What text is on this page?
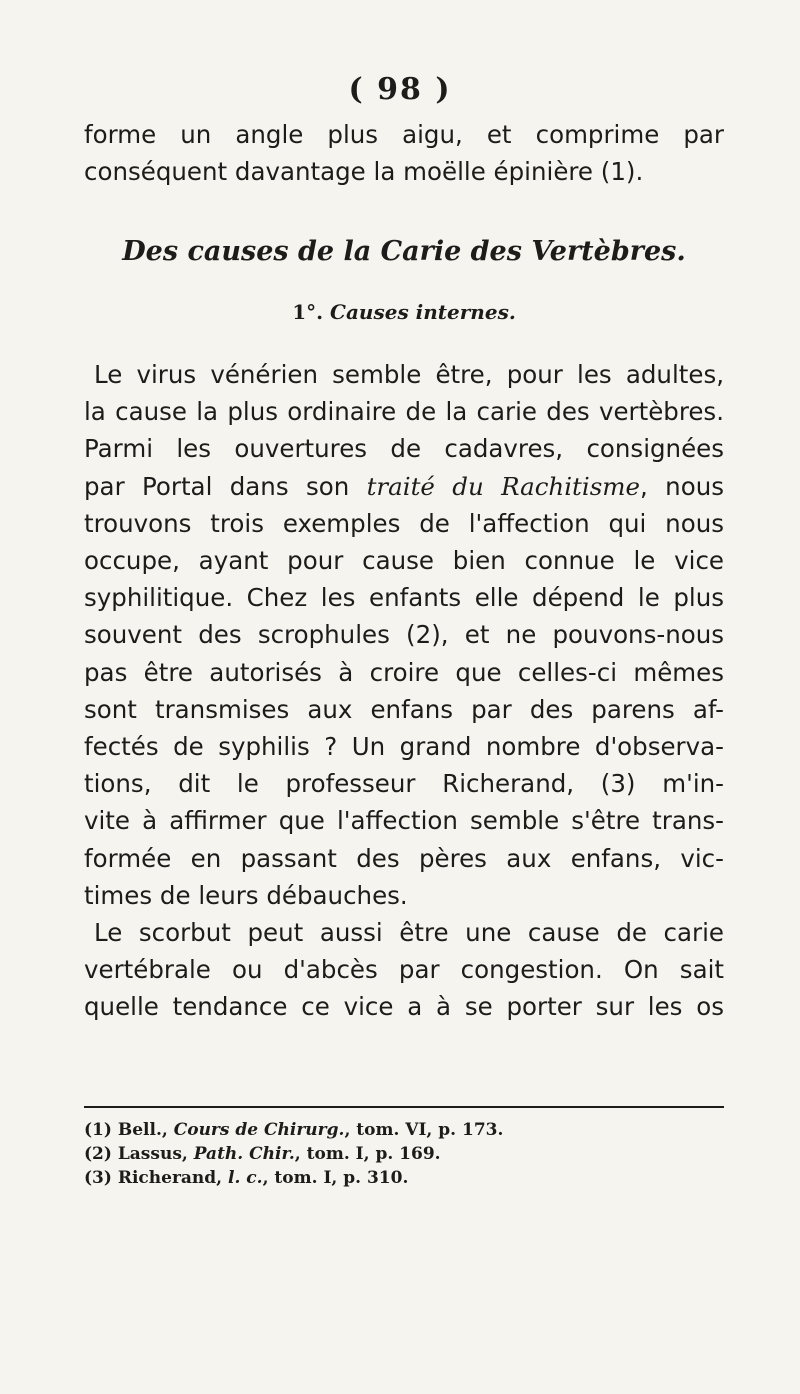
( 98 )
forme un angle plus aigu, et comprime par
conséquent davantage la moëlle épinière (1).
Des causes de la Carie des Vertèbres.
1°. Causes internes.
Le virus vénérien semble être, pour les adultes,
la cause la plus ordinaire de la carie des vertèbres.
Parmi les ouvertures de cadavres, consignées
par Portal dans son traité du Rachitisme, nous
trouvons trois exemples de l'affection qui nous
occupe, ayant pour cause bien connue le vice
syphilitique. Chez les enfants elle dépend le plus
souvent des scrophules (2), et ne pouvons-nous
pas être autorisés à croire que celles-ci mêmes
sont transmises aux enfans par des parens af-
fectés de syphilis ? Un grand nombre d'observa-
tions, dit le professeur Richerand, (3) m'in-
vite à affirmer que l'affection semble s'être trans-
formée en passant des pères aux enfans, vic-
times de leurs débauches.
Le scorbut peut aussi être une cause de carie
vertébrale ou d'abcès par congestion. On sait
quelle tendance ce vice a à se porter sur les os
(1) Bell., Cours de Chirurg., tom. VI, p. 173.
(2) Lassus, Path. Chir., tom. I, p. 169.
(3) Richerand, l. c., tom. I, p. 310.
